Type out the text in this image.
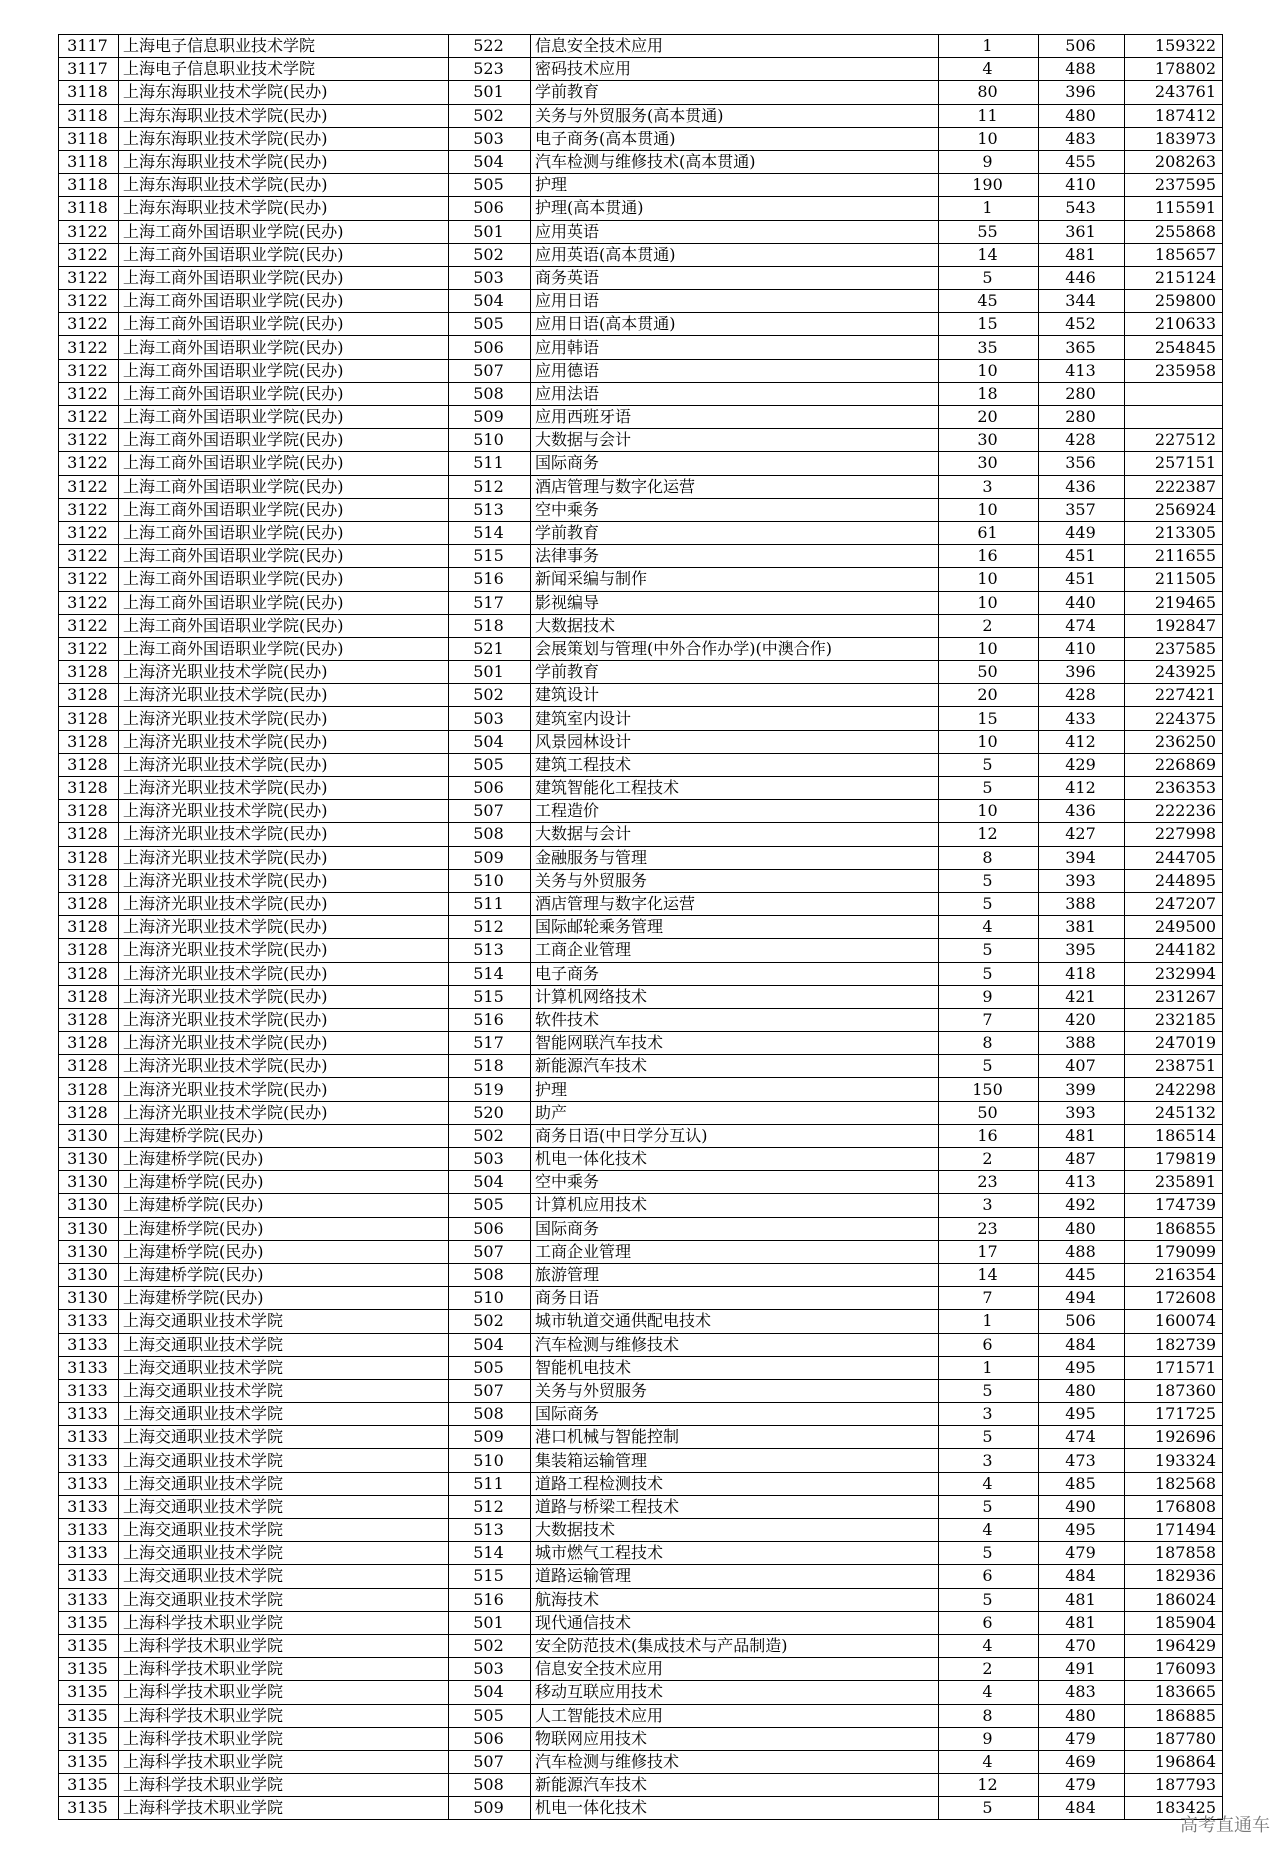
3117	上海电子信息职业技术学院	522	信息安全技术应用	1	506	159322
3117	上海电子信息职业技术学院	523	密码技术应用	4	488	178802
3118	上海东海职业技术学院(民办)	501	学前教育	80	396	243761
3118	上海东海职业技术学院(民办)	502	关务与外贸服务(高本贯通)	11	480	187412
3118	上海东海职业技术学院(民办)	503	电子商务(高本贯通)	10	483	183973
3118	上海东海职业技术学院(民办)	504	汽车检测与维修技术(高本贯通)	9	455	208263
3118	上海东海职业技术学院(民办)	505	护理	190	410	237595
3118	上海东海职业技术学院(民办)	506	护理(高本贯通)	1	543	115591
3122	上海工商外国语职业学院(民办)	501	应用英语	55	361	255868
3122	上海工商外国语职业学院(民办)	502	应用英语(高本贯通)	14	481	185657
3122	上海工商外国语职业学院(民办)	503	商务英语	5	446	215124
3122	上海工商外国语职业学院(民办)	504	应用日语	45	344	259800
3122	上海工商外国语职业学院(民办)	505	应用日语(高本贯通)	15	452	210633
3122	上海工商外国语职业学院(民办)	506	应用韩语	35	365	254845
3122	上海工商外国语职业学院(民办)	507	应用德语	10	413	235958
3122	上海工商外国语职业学院(民办)	508	应用法语	18	280	
3122	上海工商外国语职业学院(民办)	509	应用西班牙语	20	280	
3122	上海工商外国语职业学院(民办)	510	大数据与会计	30	428	227512
3122	上海工商外国语职业学院(民办)	511	国际商务	30	356	257151
3122	上海工商外国语职业学院(民办)	512	酒店管理与数字化运营	3	436	222387
3122	上海工商外国语职业学院(民办)	513	空中乘务	10	357	256924
3122	上海工商外国语职业学院(民办)	514	学前教育	61	449	213305
3122	上海工商外国语职业学院(民办)	515	法律事务	16	451	211655
3122	上海工商外国语职业学院(民办)	516	新闻采编与制作	10	451	211505
3122	上海工商外国语职业学院(民办)	517	影视编导	10	440	219465
3122	上海工商外国语职业学院(民办)	518	大数据技术	2	474	192847
3122	上海工商外国语职业学院(民办)	521	会展策划与管理(中外合作办学)(中澳合作)	10	410	237585
3128	上海济光职业技术学院(民办)	501	学前教育	50	396	243925
3128	上海济光职业技术学院(民办)	502	建筑设计	20	428	227421
3128	上海济光职业技术学院(民办)	503	建筑室内设计	15	433	224375
3128	上海济光职业技术学院(民办)	504	风景园林设计	10	412	236250
3128	上海济光职业技术学院(民办)	505	建筑工程技术	5	429	226869
3128	上海济光职业技术学院(民办)	506	建筑智能化工程技术	5	412	236353
3128	上海济光职业技术学院(民办)	507	工程造价	10	436	222236
3128	上海济光职业技术学院(民办)	508	大数据与会计	12	427	227998
3128	上海济光职业技术学院(民办)	509	金融服务与管理	8	394	244705
3128	上海济光职业技术学院(民办)	510	关务与外贸服务	5	393	244895
3128	上海济光职业技术学院(民办)	511	酒店管理与数字化运营	5	388	247207
3128	上海济光职业技术学院(民办)	512	国际邮轮乘务管理	4	381	249500
3128	上海济光职业技术学院(民办)	513	工商企业管理	5	395	244182
3128	上海济光职业技术学院(民办)	514	电子商务	5	418	232994
3128	上海济光职业技术学院(民办)	515	计算机网络技术	9	421	231267
3128	上海济光职业技术学院(民办)	516	软件技术	7	420	232185
3128	上海济光职业技术学院(民办)	517	智能网联汽车技术	8	388	247019
3128	上海济光职业技术学院(民办)	518	新能源汽车技术	5	407	238751
3128	上海济光职业技术学院(民办)	519	护理	150	399	242298
3128	上海济光职业技术学院(民办)	520	助产	50	393	245132
3130	上海建桥学院(民办)	502	商务日语(中日学分互认)	16	481	186514
3130	上海建桥学院(民办)	503	机电一体化技术	2	487	179819
3130	上海建桥学院(民办)	504	空中乘务	23	413	235891
3130	上海建桥学院(民办)	505	计算机应用技术	3	492	174739
3130	上海建桥学院(民办)	506	国际商务	23	480	186855
3130	上海建桥学院(民办)	507	工商企业管理	17	488	179099
3130	上海建桥学院(民办)	508	旅游管理	14	445	216354
3130	上海建桥学院(民办)	510	商务日语	7	494	172608
3133	上海交通职业技术学院	502	城市轨道交通供配电技术	1	506	160074
3133	上海交通职业技术学院	504	汽车检测与维修技术	6	484	182739
3133	上海交通职业技术学院	505	智能机电技术	1	495	171571
3133	上海交通职业技术学院	507	关务与外贸服务	5	480	187360
3133	上海交通职业技术学院	508	国际商务	3	495	171725
3133	上海交通职业技术学院	509	港口机械与智能控制	5	474	192696
3133	上海交通职业技术学院	510	集装箱运输管理	3	473	193324
3133	上海交通职业技术学院	511	道路工程检测技术	4	485	182568
3133	上海交通职业技术学院	512	道路与桥梁工程技术	5	490	176808
3133	上海交通职业技术学院	513	大数据技术	4	495	171494
3133	上海交通职业技术学院	514	城市燃气工程技术	5	479	187858
3133	上海交通职业技术学院	515	道路运输管理	6	484	182936
3133	上海交通职业技术学院	516	航海技术	5	481	186024
3135	上海科学技术职业学院	501	现代通信技术	6	481	185904
3135	上海科学技术职业学院	502	安全防范技术(集成技术与产品制造)	4	470	196429
3135	上海科学技术职业学院	503	信息安全技术应用	2	491	176093
3135	上海科学技术职业学院	504	移动互联应用技术	4	483	183665
3135	上海科学技术职业学院	505	人工智能技术应用	8	480	186885
3135	上海科学技术职业学院	506	物联网应用技术	9	479	187780
3135	上海科学技术职业学院	507	汽车检测与维修技术	4	469	196864
3135	上海科学技术职业学院	508	新能源汽车技术	12	479	187793
3135	上海科学技术职业学院	509	机电一体化技术	5	484	183425
高考直通车
